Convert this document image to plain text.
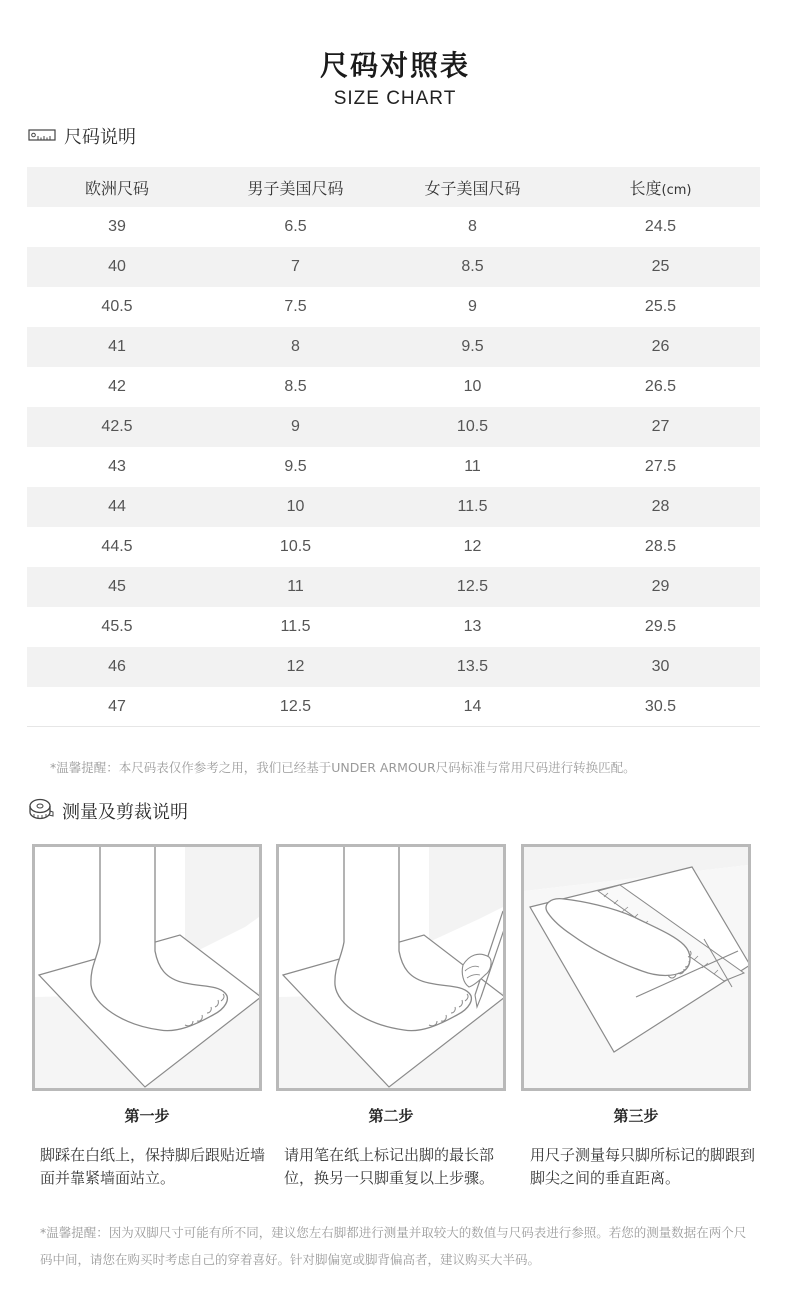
尺码对照表
SIZE CHART
尺码说明
欧洲尺码	男子美国尺码	女子美国尺码	长度(cm)
39	6.5	8	24.5
40	7	8.5	25
40.5	7.5	9	25.5
41	8	9.5	26
42	8.5	10	26.5
42.5	9	10.5	27
43	9.5	11	27.5
44	10	11.5	28
44.5	10.5	12	28.5
45	11	12.5	29
45.5	11.5	13	29.5
46	12	13.5	30
47	12.5	14	30.5
*温馨提醒：本尺码表仅作参考之用，我们已经基于UNDER ARMOUR尺码标准与常用尺码进行转换匹配。
测量及剪裁说明
第一步	第二步	第三步
脚踩在白纸上，保持脚后跟贴近墙面并靠紧墙面站立。
请用笔在纸上标记出脚的最长部位，换另一只脚重复以上步骤。
用尺子测量每只脚所标记的脚跟到脚尖之间的垂直距离。
*温馨提醒：因为双脚尺寸可能有所不同，建议您左右脚都进行测量并取较大的数值与尺码表进行参照。若您的测量数据在两个尺码中间，请您在购买时考虑自己的穿着喜好。针对脚偏宽或脚背偏高者，建议购买大半码。
